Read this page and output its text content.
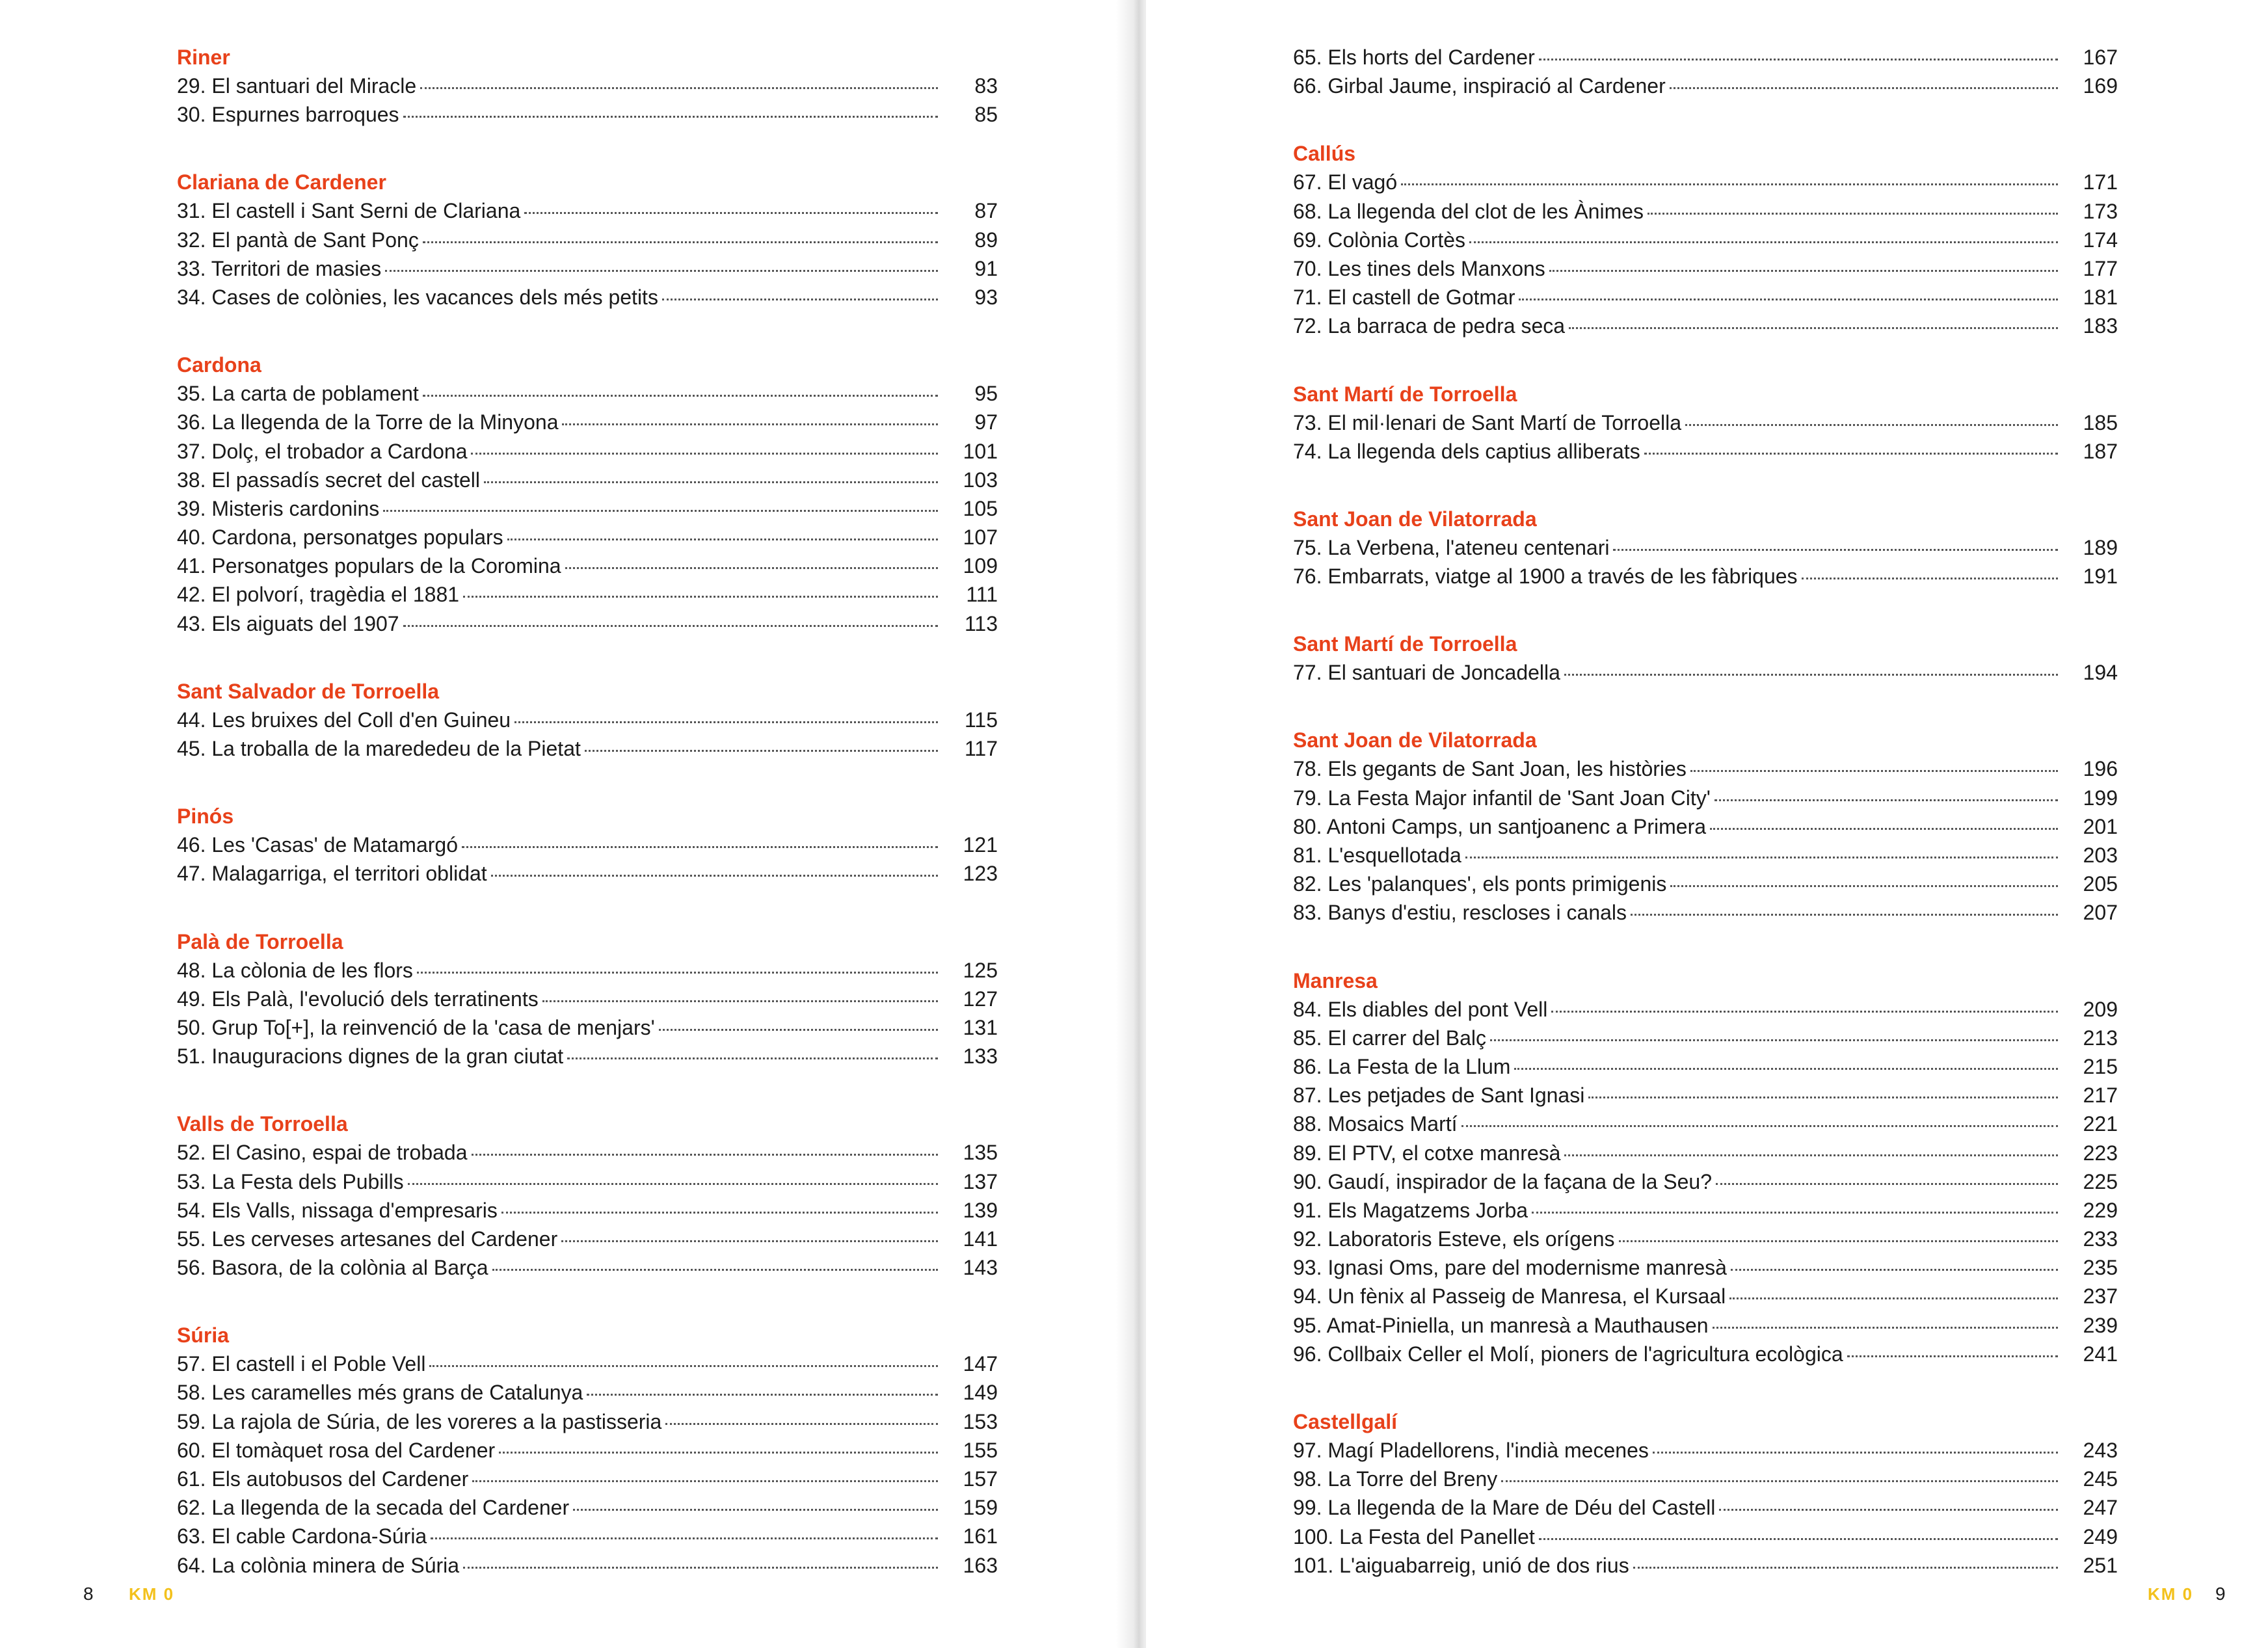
Riner
29. El santuari del Miracle	83
30. Espurnes barroques	85
Clariana de Cardener
31. El castell i Sant Serni de Clariana	87
32. El pantà de Sant Ponç	89
33. Territori de masies	91
34. Cases de colònies, les vacances dels més petits	93
Cardona
35. La carta de poblament	95
36. La llegenda de la Torre de la Minyona	97
37. Dolç, el trobador a Cardona	101
38. El passadís secret del castell	103
39. Misteris cardonins	105
40. Cardona, personatges populars	107
41. Personatges populars de la Coromina	109
42. El polvorí, tragèdia el 1881	111
43. Els aiguats del 1907	113
Sant Salvador de Torroella
44. Les bruixes del Coll d'en Guineu	115
45. La troballa de la marededeu de la Pietat	117
Pinós
46. Les 'Casas' de Matamargó	121
47. Malagarriga, el territori oblidat	123
Palà de Torroella
48. La còlonia de les flors	125
49. Els Palà, l'evolució dels terratinents	127
50. Grup To[+], la reinvenció de la 'casa de menjars'	131
51. Inauguracions dignes de la gran ciutat	133
Valls de Torroella
52. El Casino, espai de trobada	135
53. La Festa dels Pubills	137
54. Els Valls, nissaga d'empresaris	139
55. Les cerveses artesanes del Cardener	141
56. Basora, de la colònia al Barça	143
Súria
57. El castell i el Poble Vell	147
58. Les caramelles més grans de Catalunya	149
59. La rajola de Súria, de les voreres a la pastisseria	153
60. El tomàquet rosa del Cardener	155
61. Els autobusos del Cardener	157
62. La llegenda de la secada del Cardener	159
63. El cable Cardona-Súria	161
64. La colònia minera de Súria	163
8 KM 0
65. Els horts del Cardener	167
66. Girbal Jaume, inspiració al Cardener	169
Callús
67. El vagó	171
68. La llegenda del clot de les Ànimes	173
69. Colònia Cortès	174
70. Les tines dels Manxons	177
71. El castell de Gotmar	181
72. La barraca de pedra seca	183
Sant Martí de Torroella
73. El mil·lenari de Sant Martí de Torroella	185
74. La llegenda dels captius alliberats	187
Sant Joan de Vilatorrada
75. La Verbena, l'ateneu centenari	189
76. Embarrats, viatge al 1900 a través de les fàbriques	191
Sant Martí de Torroella
77. El santuari de Joncadella	194
Sant Joan de Vilatorrada
78. Els gegants de Sant Joan, les històries	196
79. La Festa Major infantil de 'Sant Joan City'	199
80. Antoni Camps, un santjoanenc a Primera	201
81. L'esquellotada	203
82. Les 'palanques', els ponts primigenis	205
83. Banys d'estiu, rescloses i canals	207
Manresa
84. Els diables del pont Vell	209
85. El carrer del Balç	213
86. La Festa de la Llum	215
87. Les petjades de Sant Ignasi	217
88. Mosaics Martí	221
89. El PTV, el cotxe manresà	223
90. Gaudí, inspirador de la façana de la Seu?	225
91. Els Magatzems Jorba	229
92. Laboratoris Esteve, els orígens	233
93. Ignasi Oms, pare del modernisme manresà	235
94. Un fènix al Passeig de Manresa, el Kursaal	237
95. Amat-Piniella, un manresà a Mauthausen	239
96. Collbaix Celler el Molí, pioners de l'agricultura ecològica	241
Castellgalí
97. Magí Pladellorens, l'indià mecenes	243
98. La Torre del Breny	245
99. La llegenda de la Mare de Déu del Castell	247
100. La Festa del Panellet	249
101. L'aiguabarreig, unió de dos rius	251
KM 0 9
